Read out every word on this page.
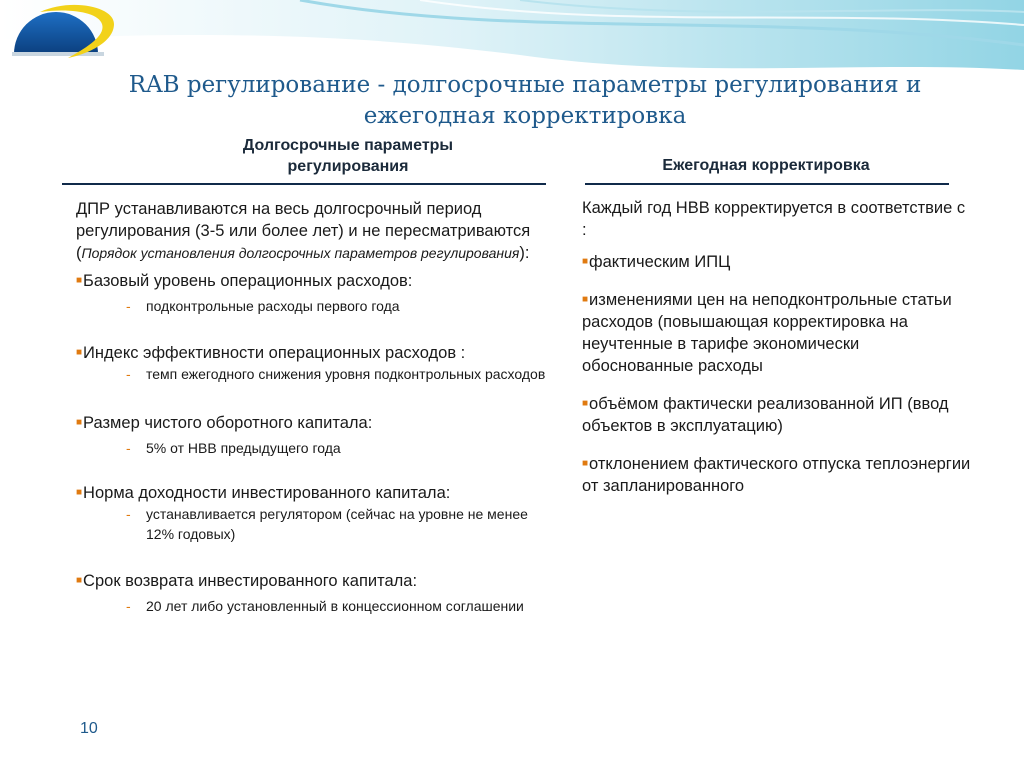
RAB регулирование - долгосрочные параметры регулирования и ежегодная корректировка
Долгосрочные параметры регулирования	Ежегодная корректировка

ДПР устанавливаются на весь долгосрочный период регулирования (3-5 или более лет) и не пересматриваются (Порядок установления долгосрочных параметров регулирования):

■Базовый уровень операционных расходов:

-	подконтрольные расходы первого года

■Индекс эффективности операционных расходов :

-	темп ежегодного снижения уровня подконтрольных расходов

■Размер чистого оборотного капитала:

-	5% от НВВ предыдущего года

■Норма доходности инвестированного капитала:

-	устанавливается регулятором (сейчас на уровне не менее 12% годовых)

■Срок возврата инвестированного капитала:

-	20 лет либо установленный в концессионном соглашении

Каждый год НВВ корректируется в соответствие с :

■фактическим ИПЦ

■изменениями цен на неподконтрольные статьи расходов (повышающая корректировка на неучтенные в тарифе экономически обоснованные расходы

■объёмом фактически реализованной ИП (ввод объектов в эксплуатацию)

■отклонением фактического отпуска теплоэнергии от запланированного

10
